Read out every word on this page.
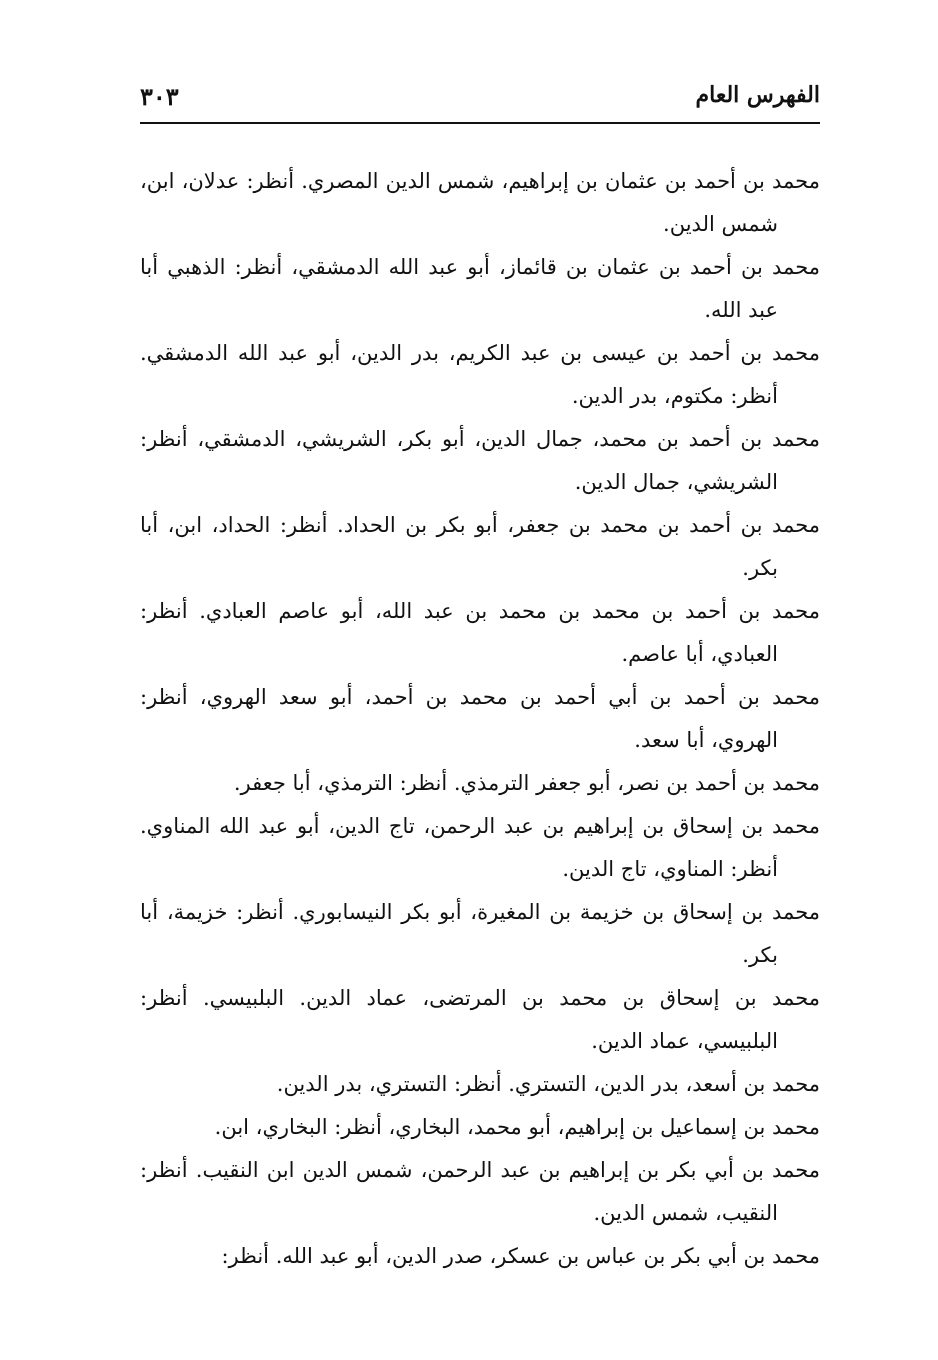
٣٠٣	الفهرس العام

محمد بن أحمد بن عثمان بن إبراهيم، شمس الدين المصري. أنظر: عدلان، ابن، شمس الدين.

محمد بن أحمد بن عثمان بن قائماز، أبو عبد الله الدمشقي، أنظر: الذهبي أبا عبد الله.

محمد بن أحمد بن عيسى بن عبد الكريم، بدر الدين، أبو عبد الله الدمشقي. أنظر: مكتوم، بدر الدين.

محمد بن أحمد بن محمد، جمال الدين، أبو بكر، الشريشي، الدمشقي، أنظر: الشريشي، جمال الدين.

محمد بن أحمد بن محمد بن جعفر، أبو بكر بن الحداد. أنظر: الحداد، ابن، أبا بكر.

محمد بن أحمد بن محمد بن محمد بن عبد الله، أبو عاصم العبادي. أنظر: العبادي، أبا عاصم.

محمد بن أحمد بن أبي أحمد بن محمد بن أحمد، أبو سعد الهروي، أنظر: الهروي، أبا سعد.

محمد بن أحمد بن نصر، أبو جعفر الترمذي. أنظر: الترمذي، أبا جعفر.

محمد بن إسحاق بن إبراهيم بن عبد الرحمن، تاج الدين، أبو عبد الله المناوي. أنظر: المناوي، تاج الدين.

محمد بن إسحاق بن خزيمة بن المغيرة، أبو بكر النيسابوري. أنظر: خزيمة، أبا بكر.

محمد بن إسحاق بن محمد بن المرتضى، عماد الدين. البلبيسي. أنظر: البلبيسي، عماد الدين.

محمد بن أسعد، بدر الدين، التستري. أنظر: التستري، بدر الدين.

محمد بن إسماعيل بن إبراهيم، أبو محمد، البخاري، أنظر: البخاري، ابن.

محمد بن أبي بكر بن إبراهيم بن عبد الرحمن، شمس الدين ابن النقيب. أنظر: النقيب، شمس الدين.

محمد بن أبي بكر بن عباس بن عسكر، صدر الدين، أبو عبد الله. أنظر:
